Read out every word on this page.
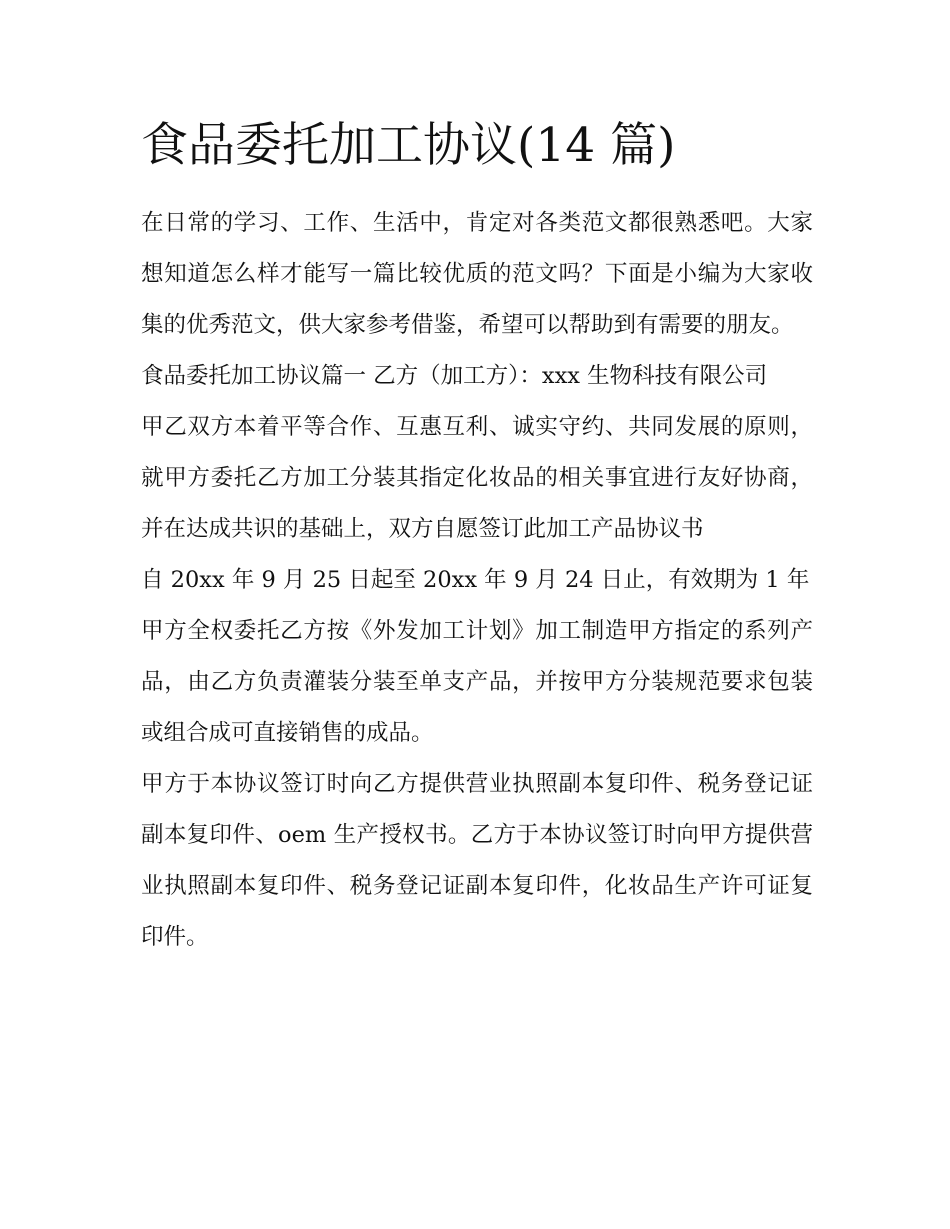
食品委托加工协议(14 篇)

在日常的学习、工作、生活中，肯定对各类范文都很熟悉吧。大家想知道怎么样才能写一篇比较优质的范文吗？下面是小编为大家收集的优秀范文，供大家参考借鉴，希望可以帮助到有需要的朋友。

食品委托加工协议篇一 乙方（加工方）：xxx 生物科技有限公司

甲乙双方本着平等合作、互惠互利、诚实守约、共同发展的原则，就甲方委托乙方加工分装其指定化妆品的相关事宜进行友好协商，并在达成共识的基础上，双方自愿签订此加工产品协议书

自 20xx 年 9 月 25 日起至 20xx 年 9 月 24 日止，有效期为 1 年

甲方全权委托乙方按《外发加工计划》加工制造甲方指定的系列产品，由乙方负责灌装分装至单支产品，并按甲方分装规范要求包装或组合成可直接销售的成品。

甲方于本协议签订时向乙方提供营业执照副本复印件、税务登记证副本复印件、oem 生产授权书。乙方于本协议签订时向甲方提供营业执照副本复印件、税务登记证副本复印件，化妆品生产许可证复印件。
